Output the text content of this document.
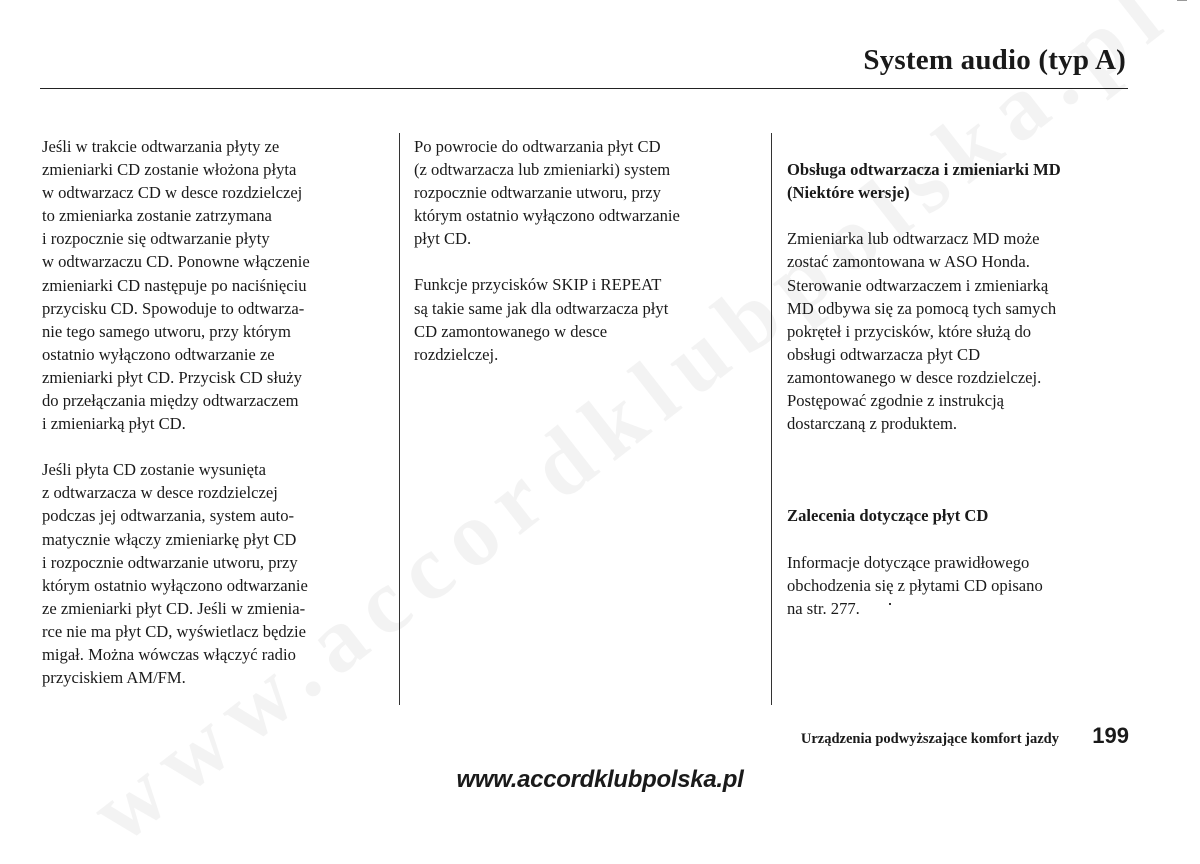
System audio (typ A)

Jeśli w trakcie odtwarzania płyty ze
zmieniarki CD zostanie włożona płyta
w odtwarzacz CD w desce rozdzielczej
to zmieniarka zostanie zatrzymana
i rozpocznie się odtwarzanie płyty
w odtwarzaczu CD. Ponowne włączenie
zmieniarki CD następuje po naciśnięciu
przycisku CD. Spowoduje to odtwarza-
nie tego samego utworu, przy którym
ostatnio wyłączono odtwarzanie ze
zmieniarki płyt CD. Przycisk CD służy
do przełączania między odtwarzaczem
i zmieniarką płyt CD.

Jeśli płyta CD zostanie wysunięta
z odtwarzacza w desce rozdzielczej
podczas jej odtwarzania, system auto-
matycznie włączy zmieniarkę płyt CD
i rozpocznie odtwarzanie utworu, przy
którym ostatnio wyłączono odtwarzanie
ze zmieniarki płyt CD. Jeśli w zmienia-
rce nie ma płyt CD, wyświetlacz będzie
migał. Można wówczas włączyć radio
przyciskiem AM/FM.

Po powrocie do odtwarzania płyt CD
(z odtwarzacza lub zmieniarki) system
rozpocznie odtwarzanie utworu, przy
którym ostatnio wyłączono odtwarzanie
płyt CD.

Funkcje przycisków SKIP i REPEAT
są takie same jak dla odtwarzacza płyt
CD zamontowanego w desce
rozdzielczej.

Obsługa odtwarzacza i zmieniarki MD
(Niektóre wersje)

Zmieniarka lub odtwarzacz MD może
zostać zamontowana w ASO Honda.
Sterowanie odtwarzaczem i zmieniarką
MD odbywa się za pomocą tych samych
pokręteł i przycisków, które służą do
obsługi odtwarzacza płyt CD
zamontowanego w desce rozdzielczej.
Postępować zgodnie z instrukcją
dostarczaną z produktem.

Zalecenia dotyczące płyt CD

Informacje dotyczące prawidłowego
obchodzenia się z płytami CD opisano
na str. 277.

Urządzenia podwyższające komfort jazdy 199
www.accordklubpolska.pl
